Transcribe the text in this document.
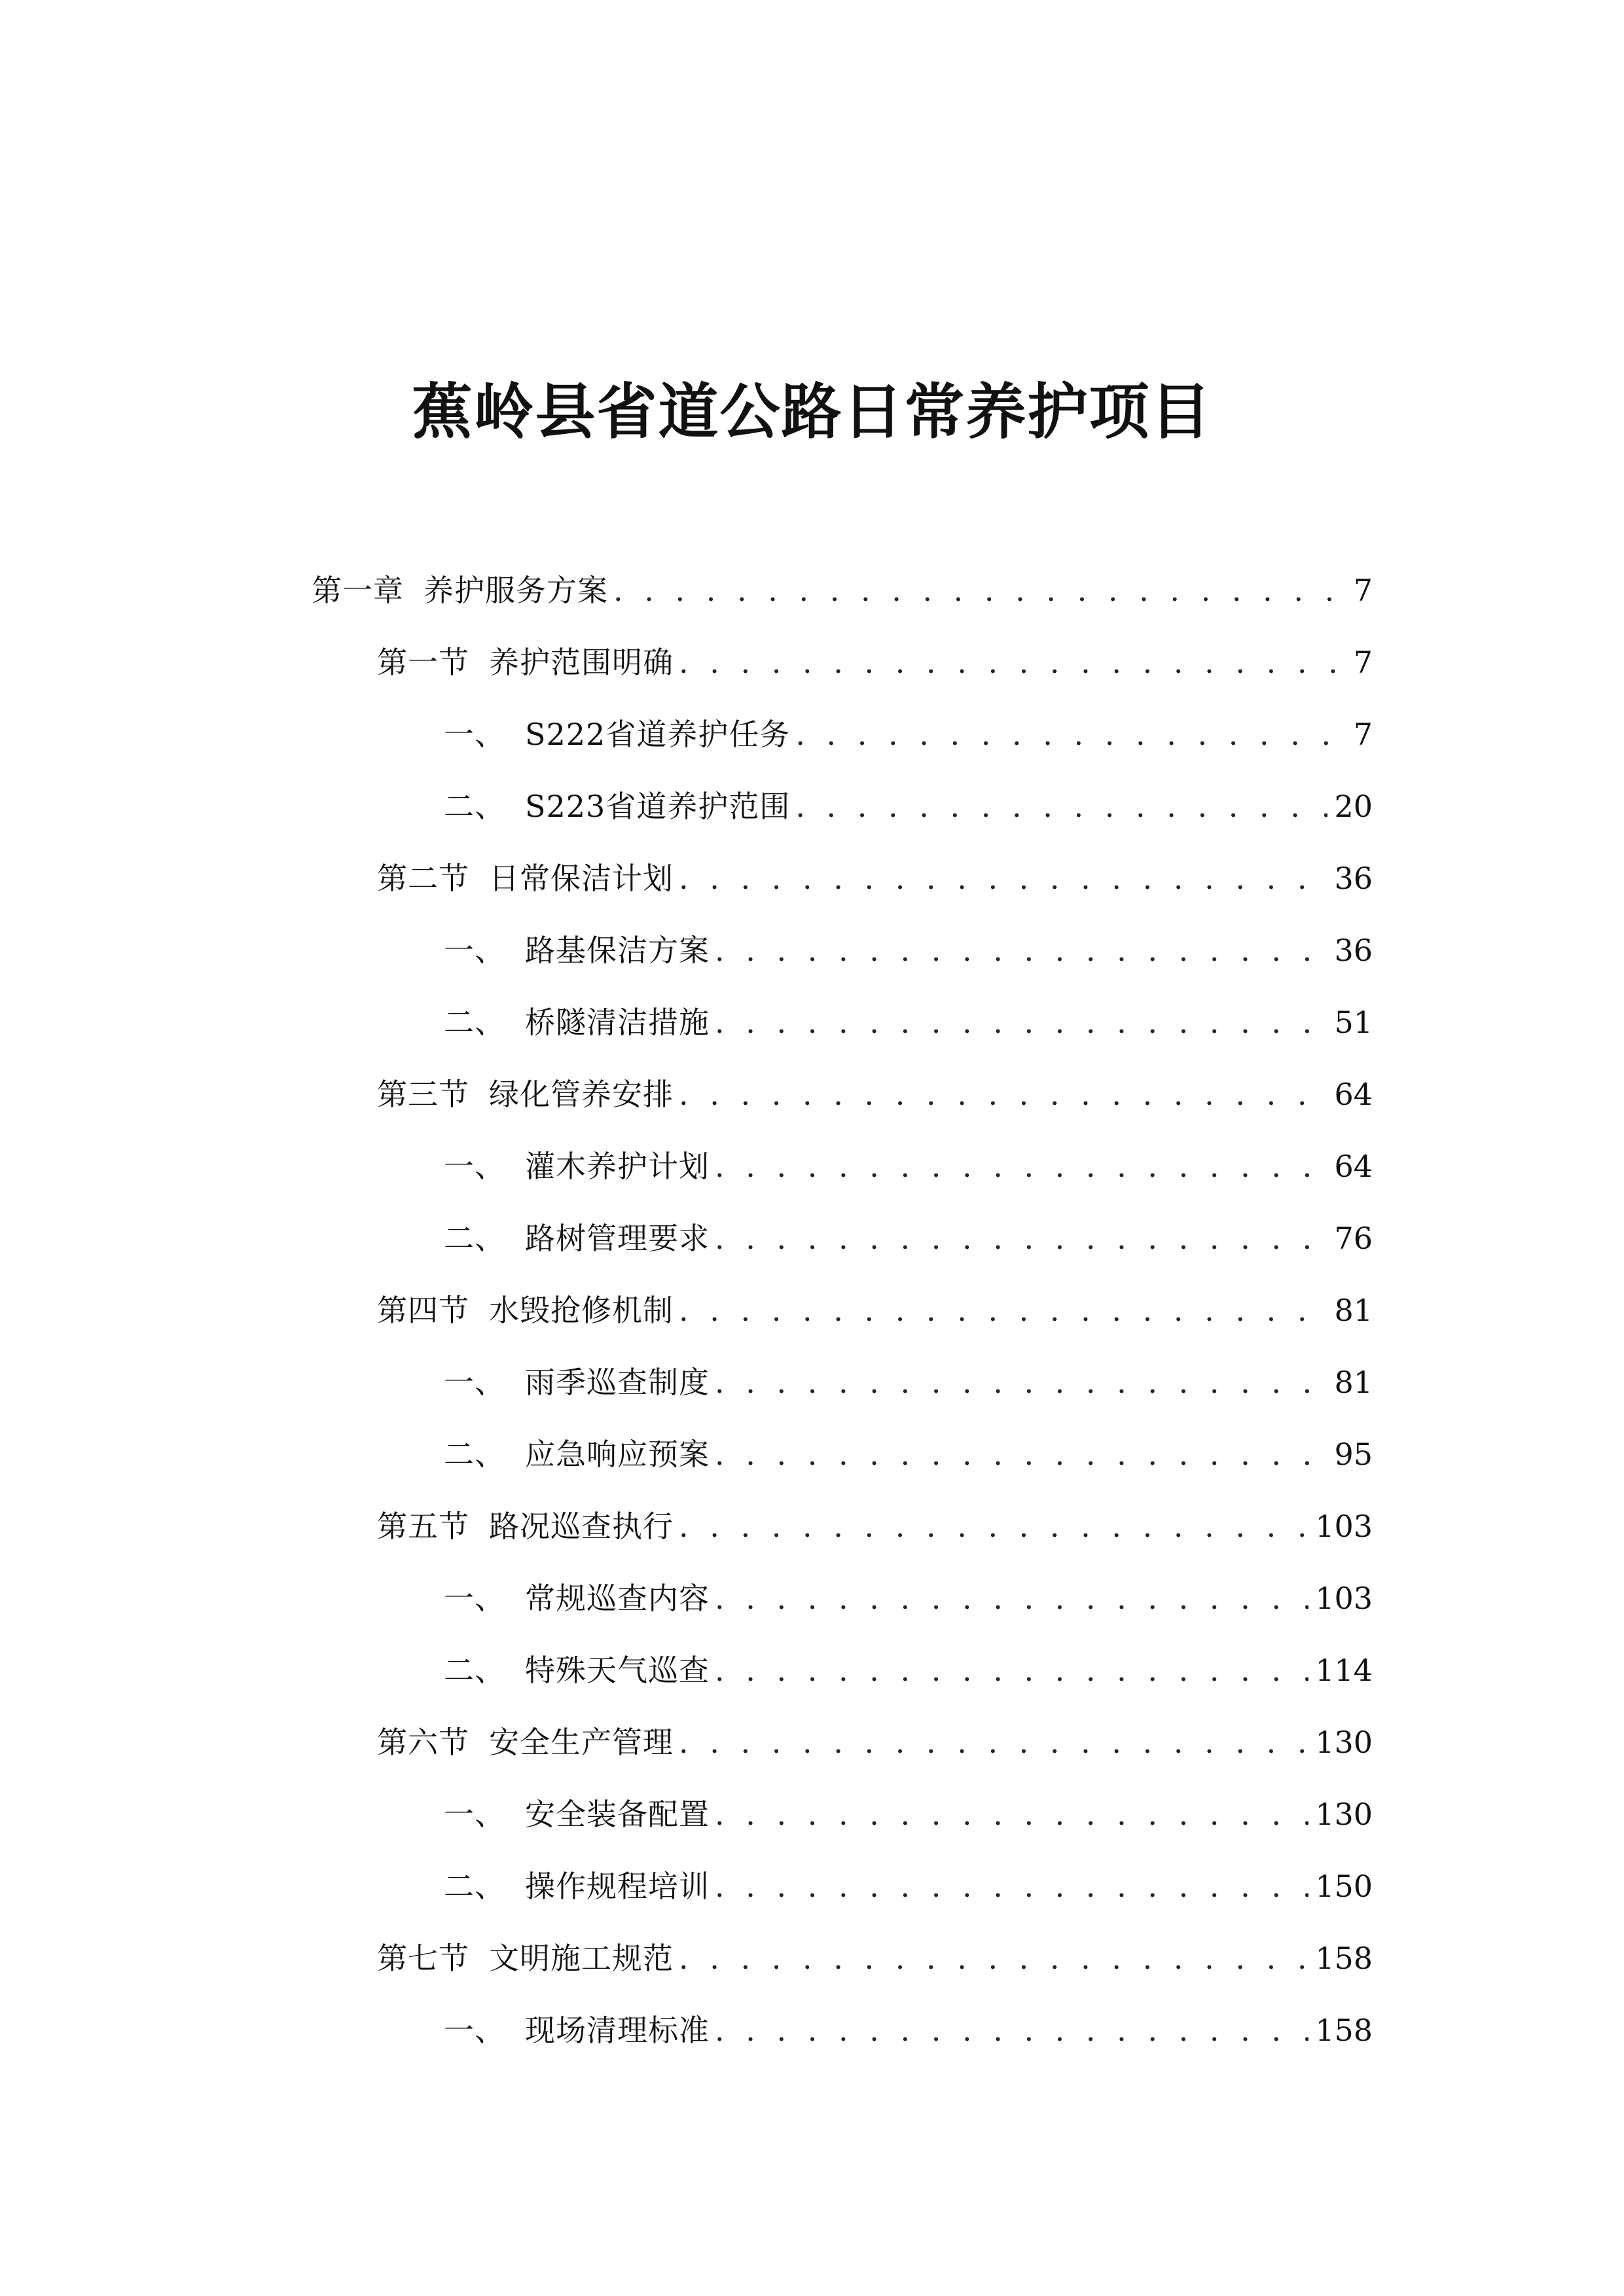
蕉岭县省道公路日常养护项目
第一章 养护服务方案 . . .	7
第一节 养护范围明确 . . .	7
一、 S222省道养护任务 . . .	7
二、 S223省道养护范围 . . .	20
第二节 日常保洁计划 . . .	36
一、 路基保洁方案 . . .	36
二、 桥隧清洁措施 . . .	51
第三节 绿化管养安排 . . .	64
一、 灌木养护计划 . . .	64
二、 路树管理要求 . . .	76
第四节 水毁抢修机制 . . .	81
一、 雨季巡查制度 . . .	81
二、 应急响应预案 . . .	95
第五节 路况巡查执行 . . .	103
一、 常规巡查内容 . . .	103
二、 特殊天气巡查 . . .	114
第六节 安全生产管理 . . .	130
一、 安全装备配置 . . .	130
二、 操作规程培训 . . .	150
第七节 文明施工规范 . . .	158
一、 现场清理标准 . . .	158
